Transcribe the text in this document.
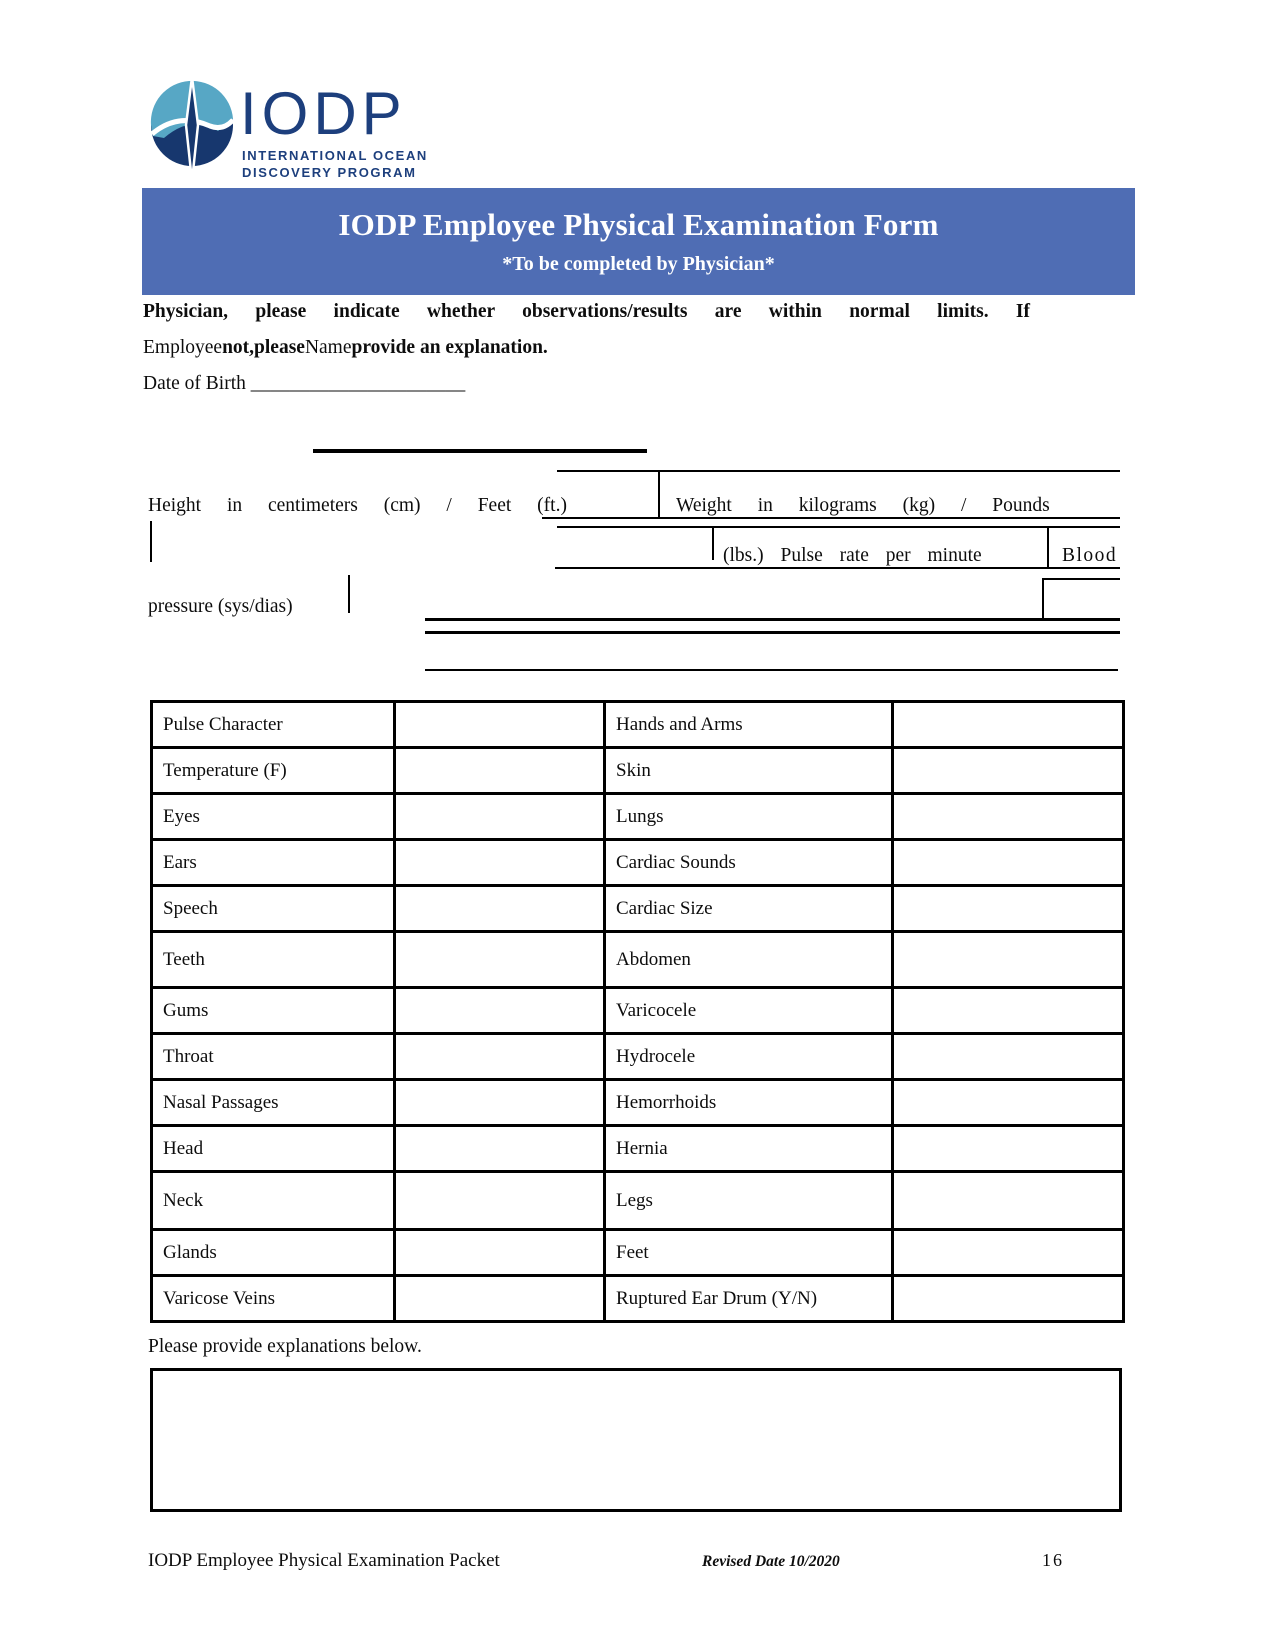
IODP
INTERNATIONAL OCEAN
DISCOVERY PROGRAM
IODP Employee Physical Examination Form
*To be completed by Physician*
Physician, please indicate whether observations/results are within normal limits. If
Employeenot,pleaseNameprovide an explanation.
Date of Birth ______________________
Height in centimeters (cm) / Feet (ft.)	Weight in kilograms (kg) / Pounds
(lbs.) Pulse rate per minute	Blood
pressure (sys/dias)
Pulse Character		Hands and Arms	
Temperature (F)		Skin	
Eyes		Lungs	
Ears		Cardiac Sounds	
Speech		Cardiac Size	
Teeth		Abdomen	
Gums		Varicocele	
Throat		Hydrocele	
Nasal Passages		Hemorrhoids	
Head		Hernia	
Neck		Legs	
Glands		Feet	
Varicose Veins		Ruptured Ear Drum (Y/N)	
Please provide explanations below.
IODP Employee Physical Examination Packet	Revised Date 10/2020	16
